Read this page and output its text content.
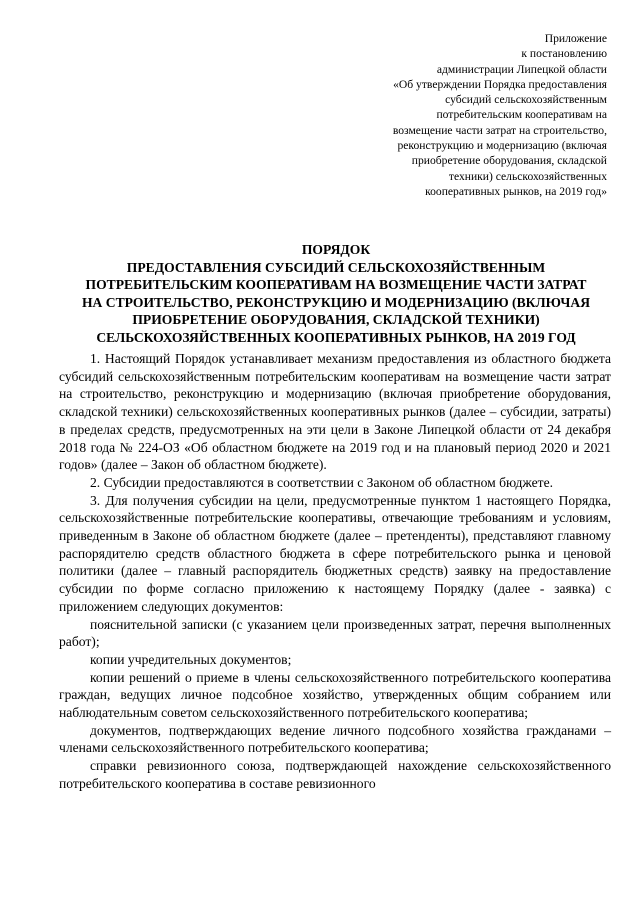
Приложение
к постановлению
администрации Липецкой области
«Об утверждении Порядка предоставления
субсидий сельскохозяйственным
потребительским кооперативам на
возмещение части затрат на строительство,
реконструкцию и модернизацию (включая
приобретение оборудования, складской
техники) сельскохозяйственных
кооперативных рынков, на 2019 год»
ПОРЯДОК
ПРЕДОСТАВЛЕНИЯ СУБСИДИЙ СЕЛЬСКОХОЗЯЙСТВЕННЫМ
ПОТРЕБИТЕЛЬСКИМ КООПЕРАТИВАМ НА ВОЗМЕЩЕНИЕ ЧАСТИ ЗАТРАТ
НА СТРОИТЕЛЬСТВО, РЕКОНСТРУКЦИЮ И МОДЕРНИЗАЦИЮ (ВКЛЮЧАЯ
ПРИОБРЕТЕНИЕ ОБОРУДОВАНИЯ, СКЛАДСКОЙ ТЕХНИКИ)
СЕЛЬСКОХОЗЯЙСТВЕННЫХ КООПЕРАТИВНЫХ РЫНКОВ, НА 2019 ГОД

1. Настоящий Порядок устанавливает механизм предоставления из областного бюджета субсидий сельскохозяйственным потребительским кооперативам на возмещение части затрат на строительство, реконструкцию и модернизацию (включая приобретение оборудования, складской техники) сельскохозяйственных кооперативных рынков (далее – субсидии, затраты) в пределах средств, предусмотренных на эти цели в Законе Липецкой области от 24 декабря 2018 года № 224-ОЗ «Об областном бюджете на 2019 год и на плановый период 2020 и 2021 годов» (далее – Закон об областном бюджете).

2. Субсидии предоставляются в соответствии с Законом об областном бюджете.

3. Для получения субсидии на цели, предусмотренные пунктом 1 настоящего Порядка, сельскохозяйственные потребительские кооперативы, отвечающие требованиям и условиям, приведенным в Законе об областном бюджете (далее – претенденты), представляют главному распорядителю средств областного бюджета в сфере потребительского рынка и ценовой политики (далее – главный распорядитель бюджетных средств) заявку на предоставление субсидии по форме согласно приложению к настоящему Порядку (далее - заявка) с приложением следующих документов:

пояснительной записки (с указанием цели произведенных затрат, перечня выполненных работ);

копии учредительных документов;

копии решений о приеме в члены сельскохозяйственного потребительского кооператива граждан, ведущих личное подсобное хозяйство, утвержденных общим собранием или наблюдательным советом сельскохозяйственного потребительского кооператива;

документов, подтверждающих ведение личного подсобного хозяйства гражданами – членами сельскохозяйственного потребительского кооператива;

справки ревизионного союза, подтверждающей нахождение сельскохозяйственного потребительского кооператива в составе ревизионного
